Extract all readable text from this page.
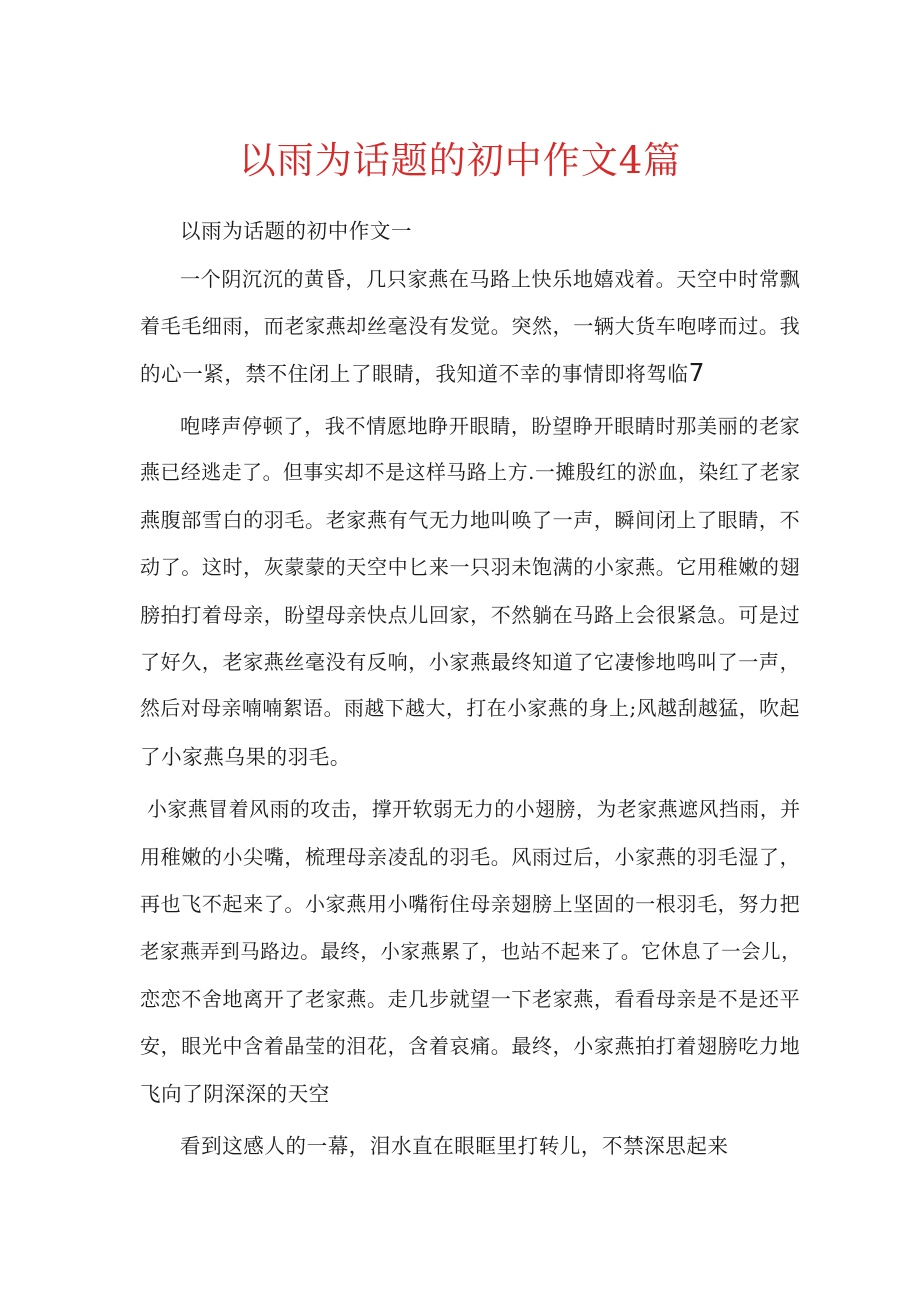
以雨为话题的初中作文4篇
以雨为话题的初中作文一
一个阴沉沉的黄昏，几只家燕在马路上快乐地嬉戏着。天空中时常飘
着毛毛细雨，而老家燕却丝毫没有发觉。突然，一辆大货车咆哮而过。我
的心一紧，禁不住闭上了眼睛，我知道不幸的事情即将驾临7
咆哮声停顿了，我不情愿地睁开眼睛，盼望睁开眼睛时那美丽的老家
燕已经逃走了。但事实却不是这样马路上方.一摊殷红的淤血，染红了老家
燕腹部雪白的羽毛。老家燕有气无力地叫唤了一声，瞬间闭上了眼睛，不
动了。这时，灰蒙蒙的天空中匕来一只羽未饱满的小家燕。它用稚嫩的翅
膀拍打着母亲，盼望母亲快点儿回家，不然躺在马路上会很紧急。可是过
了好久，老家燕丝毫没有反响，小家燕最终知道了它凄惨地鸣叫了一声，
然后对母亲喃喃絮语。雨越下越大，打在小家燕的身上;风越刮越猛，吹起
了小家燕乌果的羽毛。
小家燕冒着风雨的攻击，撑开软弱无力的小翅膀，为老家燕遮风挡雨，并
用稚嫩的小尖嘴，梳理母亲凌乱的羽毛。风雨过后，小家燕的羽毛湿了，
再也飞不起来了。小家燕用小嘴衔住母亲翅膀上坚固的一根羽毛，努力把
老家燕弄到马路边。最终，小家燕累了，也站不起来了。它休息了一会儿，
恋恋不舍地离开了老家燕。走几步就望一下老家燕，看看母亲是不是还平
安，眼光中含着晶莹的泪花，含着哀痛。最终，小家燕拍打着翅膀吃力地
飞向了阴深深的天空
看到这感人的一幕，泪水直在眼眶里打转儿，不禁深思起来
